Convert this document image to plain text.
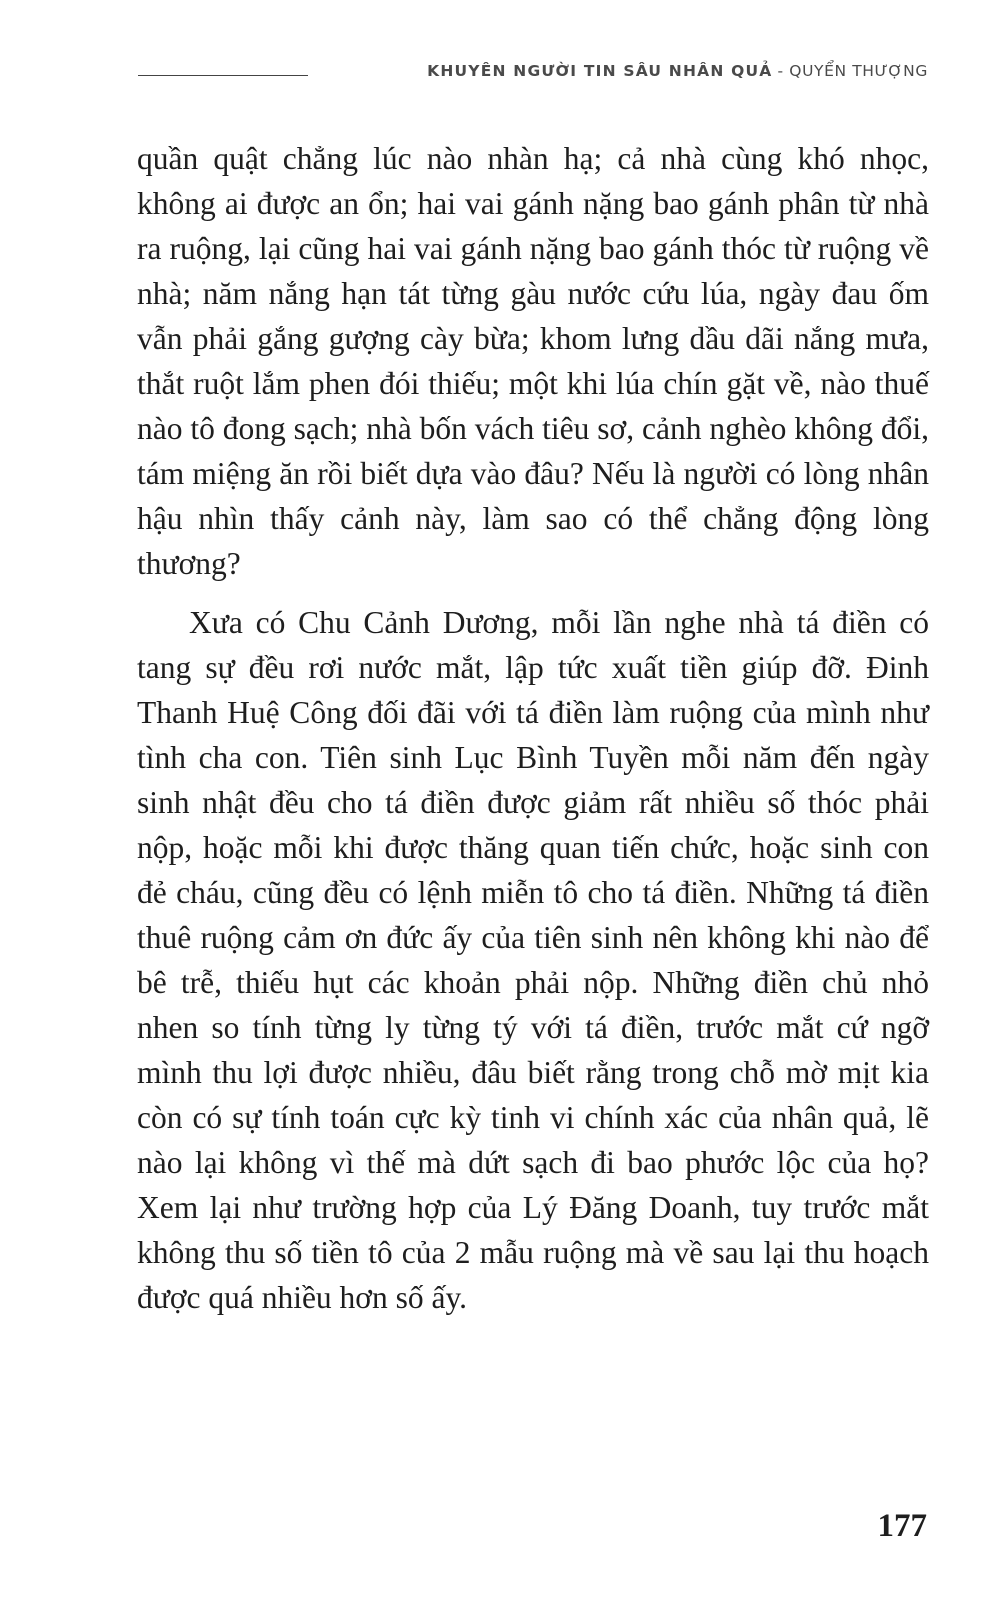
KHUYÊN NGƯỜI TIN SÂU NHÂN QUẢ - QUYỂN THƯỢNG

quần quật chẳng lúc nào nhàn hạ; cả nhà cùng khó nhọc, không ai được an ổn; hai vai gánh nặng bao gánh phân từ nhà ra ruộng, lại cũng hai vai gánh nặng bao gánh thóc từ ruộng về nhà; năm nắng hạn tát từng gàu nước cứu lúa, ngày đau ốm vẫn phải gắng gượng cày bừa; khom lưng dầu dãi nắng mưa, thắt ruột lắm phen đói thiếu; một khi lúa chín gặt về, nào thuế nào tô đong sạch; nhà bốn vách tiêu sơ, cảnh nghèo không đổi, tám miệng ăn rồi biết dựa vào đâu? Nếu là người có lòng nhân hậu nhìn thấy cảnh này, làm sao có thể chẳng động lòng thương?

Xưa có Chu Cảnh Dương, mỗi lần nghe nhà tá điền có tang sự đều rơi nước mắt, lập tức xuất tiền giúp đỡ. Đinh Thanh Huệ Công đối đãi với tá điền làm ruộng của mình như tình cha con. Tiên sinh Lục Bình Tuyền mỗi năm đến ngày sinh nhật đều cho tá điền được giảm rất nhiều số thóc phải nộp, hoặc mỗi khi được thăng quan tiến chức, hoặc sinh con đẻ cháu, cũng đều có lệnh miễn tô cho tá điền. Những tá điền thuê ruộng cảm ơn đức ấy của tiên sinh nên không khi nào để bê trễ, thiếu hụt các khoản phải nộp. Những điền chủ nhỏ nhen so tính từng ly từng tý với tá điền, trước mắt cứ ngỡ mình thu lợi được nhiều, đâu biết rằng trong chỗ mờ mịt kia còn có sự tính toán cực kỳ tinh vi chính xác của nhân quả, lẽ nào lại không vì thế mà dứt sạch đi bao phước lộc của họ? Xem lại như trường hợp của Lý Đăng Doanh, tuy trước mắt không thu số tiền tô của 2 mẫu ruộng mà về sau lại thu hoạch được quá nhiều hơn số ấy.

177
